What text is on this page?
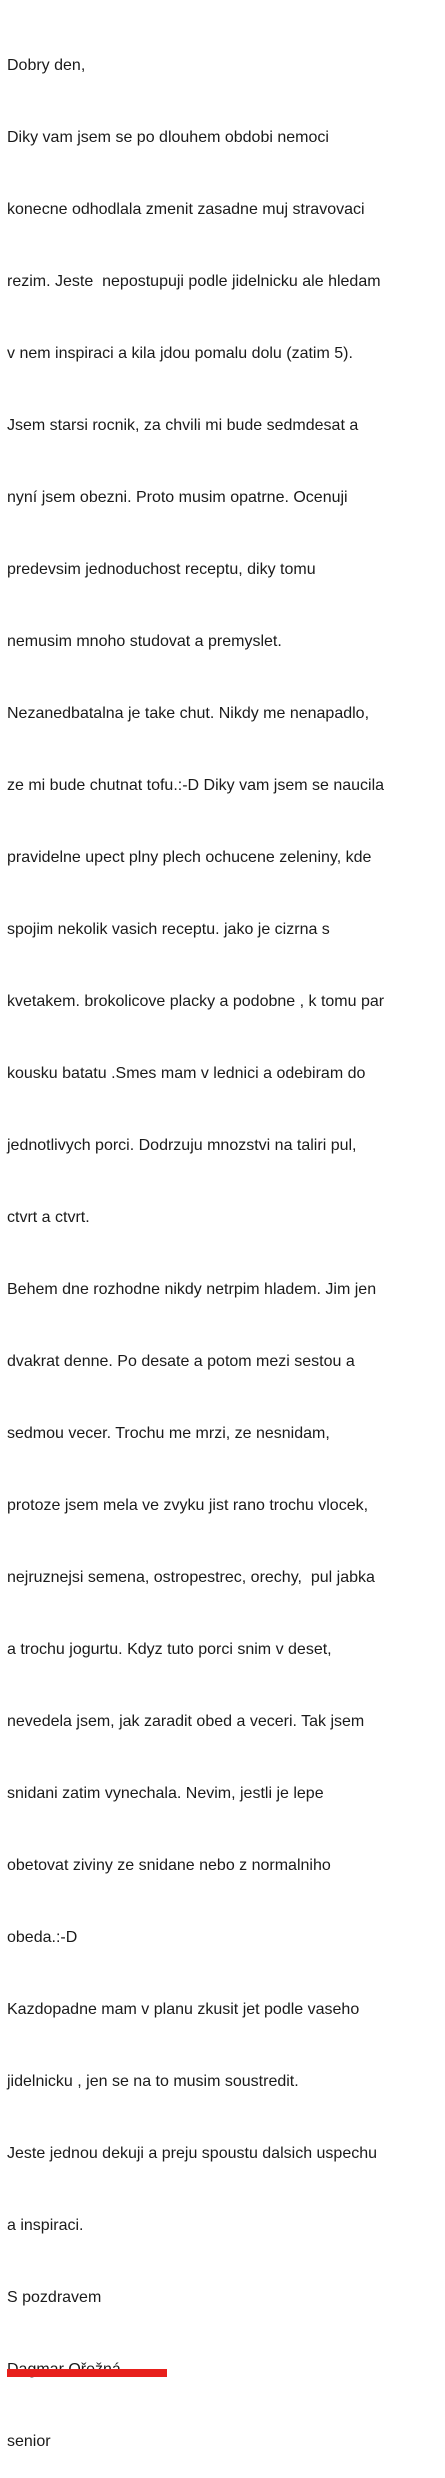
Dobry den,

Diky vam jsem se po dlouhem obdobi nemoci

konecne odhodlala zmenit zasadne muj stravovaci

rezim. Jeste  nepostupuji podle jidelnicku ale hledam

v nem inspiraci a kila jdou pomalu dolu (zatim 5).

Jsem starsi rocnik, za chvili mi bude sedmdesat a

nyní jsem obezni. Proto musim opatrne. Ocenuji

predevsim jednoduchost receptu, diky tomu

nemusim mnoho studovat a premyslet.

Nezanedbatalna je take chut. Nikdy me nenapadlo,

ze mi bude chutnat tofu.:-D Diky vam jsem se naucila

pravidelne upect plny plech ochucene zeleniny, kde

spojim nekolik vasich receptu. jako je cizrna s

kvetakem. brokolicove placky a podobne , k tomu par

kousku batatu .Smes mam v lednici a odebiram do

jednotlivych porci. Dodrzuju mnozstvi na taliri pul,

ctvrt a ctvrt.

Behem dne rozhodne nikdy netrpim hladem. Jim jen

dvakrat denne. Po desate a potom mezi sestou a

sedmou vecer. Trochu me mrzi, ze nesnidam,

protoze jsem mela ve zvyku jist rano trochu vlocek,

nejruznejsi semena, ostropestrec, orechy,  pul jabka

a trochu jogurtu. Kdyz tuto porci snim v deset,

nevedela jsem, jak zaradit obed a veceri. Tak jsem

snidani zatim vynechala. Nevim, jestli je lepe

obetovat ziviny ze snidane nebo z normalniho

obeda.:-D

Kazdopadne mam v planu zkusit jet podle vaseho

jidelnicku , jen se na to musim soustredit.

Jeste jednou dekuji a preju spoustu dalsich uspechu

a inspiraci.

S pozdravem

senior
